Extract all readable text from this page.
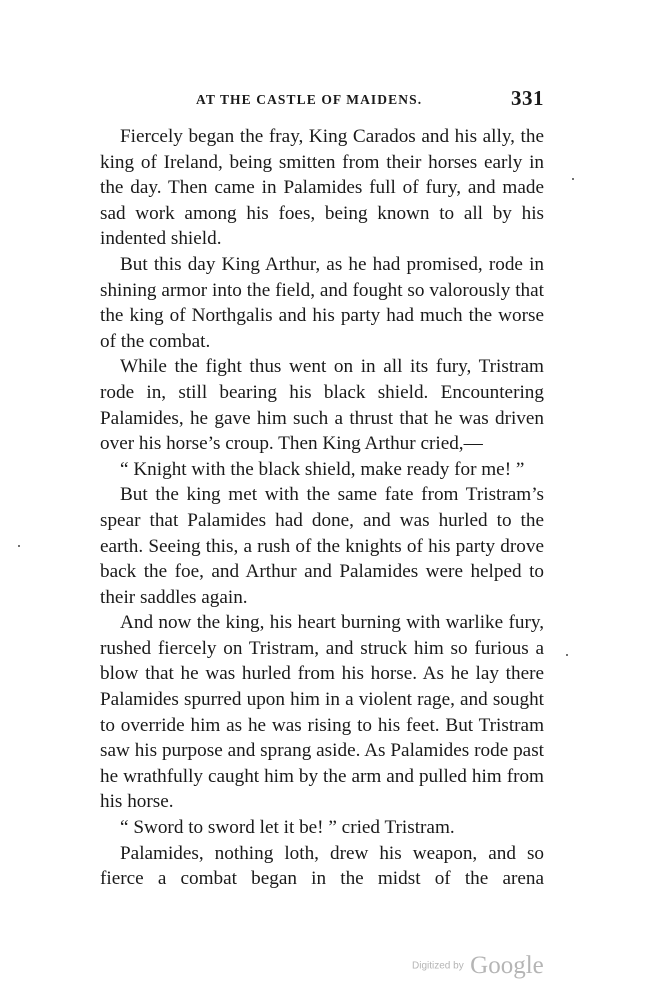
AT THE CASTLE OF MAIDENS.	331

Fiercely began the fray, King Carados and his ally, the king of Ireland, being smitten from their horses early in the day. Then came in Palamides full of fury, and made sad work among his foes, being known to all by his indented shield.

But this day King Arthur, as he had promised, rode in shining armor into the field, and fought so valorously that the king of Northgalis and his party had much the worse of the combat.

While the fight thus went on in all its fury, Tristram rode in, still bearing his black shield. Encountering Palamides, he gave him such a thrust that he was driven over his horse’s croup. Then King Arthur cried,—

“ Knight with the black shield, make ready for me! ”

But the king met with the same fate from Tristram’s spear that Palamides had done, and was hurled to the earth. Seeing this, a rush of the knights of his party drove back the foe, and Arthur and Palamides were helped to their saddles again.

And now the king, his heart burning with warlike fury, rushed fiercely on Tristram, and struck him so furious a blow that he was hurled from his horse. As he lay there Palamides spurred upon him in a violent rage, and sought to override him as he was rising to his feet. But Tristram saw his purpose and sprang aside. As Palamides rode past he wrathfully caught him by the arm and pulled him from his horse.

“ Sword to sword let it be! ” cried Tristram.

Palamides, nothing loth, drew his weapon, and so fierce a combat began in the midst of the arena

Digitized by Google
